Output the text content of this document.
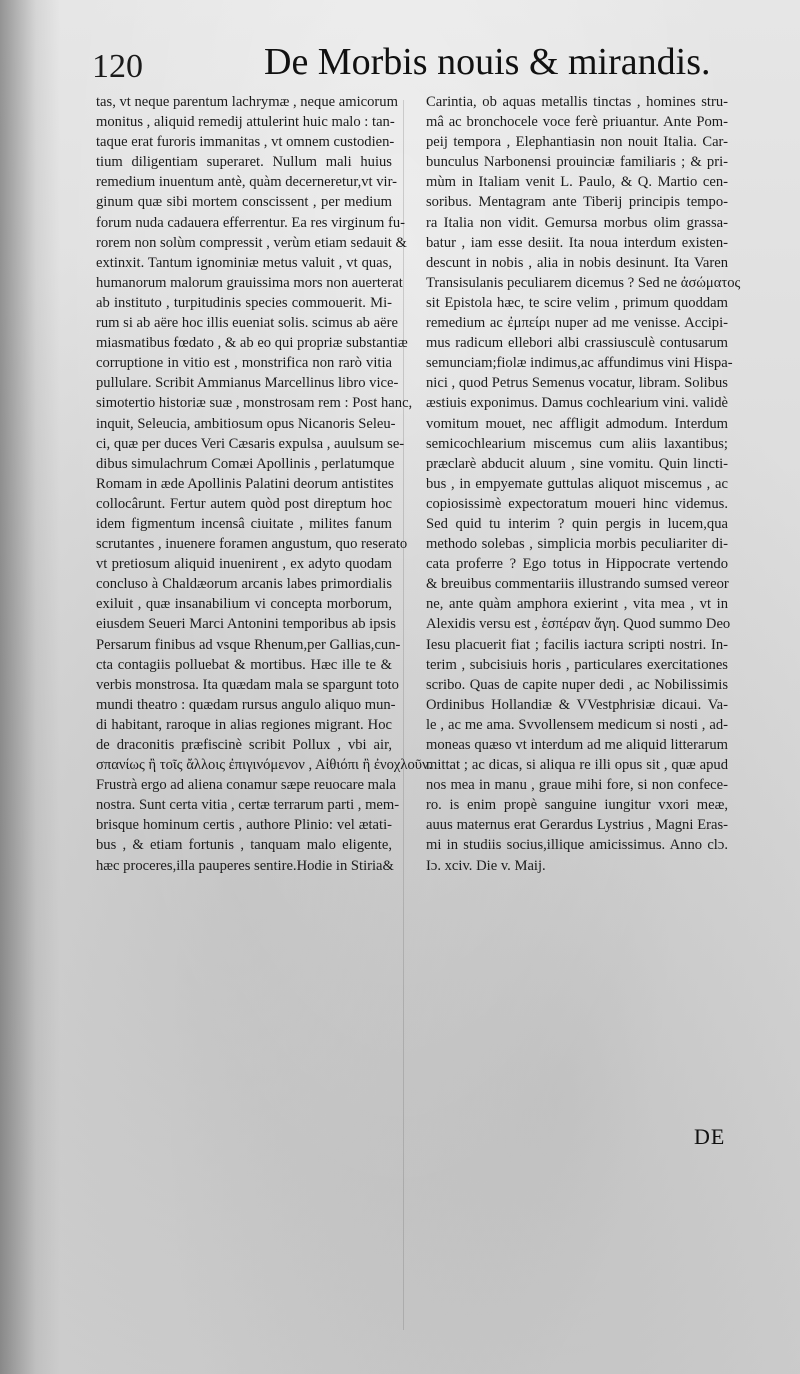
120	De Morbis nouis & mirandis.
tas, vt neque parentum lachrymæ , neque amicorum
monitus , aliquid remedij attulerint huic malo : tan-
taque erat furoris immanitas , vt omnem custodien-
tium diligentiam superaret. Nullum mali huius
remedium inuentum antè, quàm decerneretur,vt vir-
ginum quæ sibi mortem conscissent , per medium
forum nuda cadauera efferrentur. Ea res virginum fu-
rorem non solùm compressit , verùm etiam sedauit &
extinxit. Tantum ignominiæ metus valuit , vt quas,
humanorum malorum grauissima mors non auerterat
ab instituto , turpitudinis species commouerit. Mi-
rum si ab aëre hoc illis eueniat solis. scimus ab aëre
miasmatibus fœdato , & ab eo qui propriæ substantiæ
corruptione in vitio est , monstrifica non rarò vitia
pullulare. Scribit Ammianus Marcellinus libro vice-
simotertio historiæ suæ , monstrosam rem : Post hanc,
inquit, Seleucia, ambitiosum opus Nicanoris Seleu-
ci, quæ per duces Veri Cæsaris expulsa , auulsum se-
dibus simulachrum Comæi Apollinis , perlatumque
Romam in æde Apollinis Palatini deorum antistites
collocârunt. Fertur autem quòd post direptum hoc
idem figmentum incensâ ciuitate , milites fanum
scrutantes , inuenere foramen angustum, quo reserato
vt pretiosum aliquid inuenirent , ex adyto quodam
concluso à Chaldæorum arcanis labes primordialis
exiluit , quæ insanabilium vi concepta morborum,
eiusdem Seueri Marci Antonini temporibus ab ipsis
Persarum finibus ad vsque Rhenum,per Gallias,cun-
cta contagiis polluebat & mortibus. Hæc ille te &
verbis monstrosa. Ita quædam mala se spargunt toto
mundi theatro : quædam rursus angulo aliquo mun-
di habitant, raroque in alias regiones migrant. Hoc
de draconitis præfiscinè scribit Pollux , vbi air,
σπανίως ἢ τοῖς ἄλλοις ἐπιγινόμενον , Αἰθιόπι ἢ ἐνοχλοῦν.
Frustrà ergo ad aliena conamur sæpe reuocare mala
nostra. Sunt certa vitia , certæ terrarum parti , mem-
brisque hominum certis , authore Plinio: vel ætati-
bus , & etiam fortunis , tanquam malo eligente,
hæc proceres,illa pauperes sentire.Hodie in Stiria&
Carintia, ob aquas metallis tinctas , homines stru-
mâ ac bronchocele voce ferè priuantur. Ante Pom-
peij tempora , Elephantiasin non nouit Italia. Car-
bunculus Narbonensi prouinciæ familiaris ; & pri-
mùm in Italiam venit L. Paulo, & Q. Martio cen-
soribus. Mentagram ante Tiberij principis tempo-
ra Italia non vidit. Gemursa morbus olim grassa-
batur , iam esse desiit. Ita noua interdum existen-
descunt in nobis , alia in nobis desinunt. Ita Varen
Transisulanis peculiarem dicemus ? Sed ne ἀσώματος
sit Epistola hæc, te scire velim , primum quoddam
remedium ac ἐμπείρι nuper ad me venisse. Accipi-
mus radicum ellebori albi crassiusculè contusarum
semunciam;fiolæ indimus,ac affundimus vini Hispa-
nici , quod Petrus Semenus vocatur, libram. Solibus
æstiuis exponimus. Damus cochlearium vini. validè
vomitum mouet, nec affligit admodum. Interdum
semicochlearium miscemus cum aliis laxantibus;
præclarè abducit aluum , sine vomitu. Quin lincti-
bus , in empyemate guttulas aliquot miscemus , ac
copiosissimè expectoratum moueri hinc videmus.
Sed quid tu interim ? quin pergis in lucem,qua
methodo solebas , simplicia morbis peculiariter di-
cata proferre ? Ego totus in Hippocrate vertendo
& breuibus commentariis illustrando sumsed vereor
ne, ante quàm amphora exierint , vita mea , vt in
Alexidis versu est , ἑσπέραν ἄγη. Quod summo Deo
Iesu placuerit fiat ; facilis iactura scripti nostri. In-
terim , subcisiuis horis , particulares exercitationes
scribo. Quas de capite nuper dedi , ac Nobilissimis
Ordinibus Hollandiæ & VVestphrisiæ dicaui. Va-
le , ac me ama. Svvollensem medicum si nosti , ad-
moneas quæso vt interdum ad me aliquid litterarum
mittat ; ac dicas, si aliqua re illi opus sit , quæ apud
nos mea in manu , graue mihi fore, si non confece-
ro. is enim propè sanguine iungitur vxori meæ,
auus maternus erat Gerardus Lystrius , Magni Eras-
mi in studiis socius,illique amicissimus. Anno clɔ.
Iɔ. xciv. Die v. Maij.
DE
